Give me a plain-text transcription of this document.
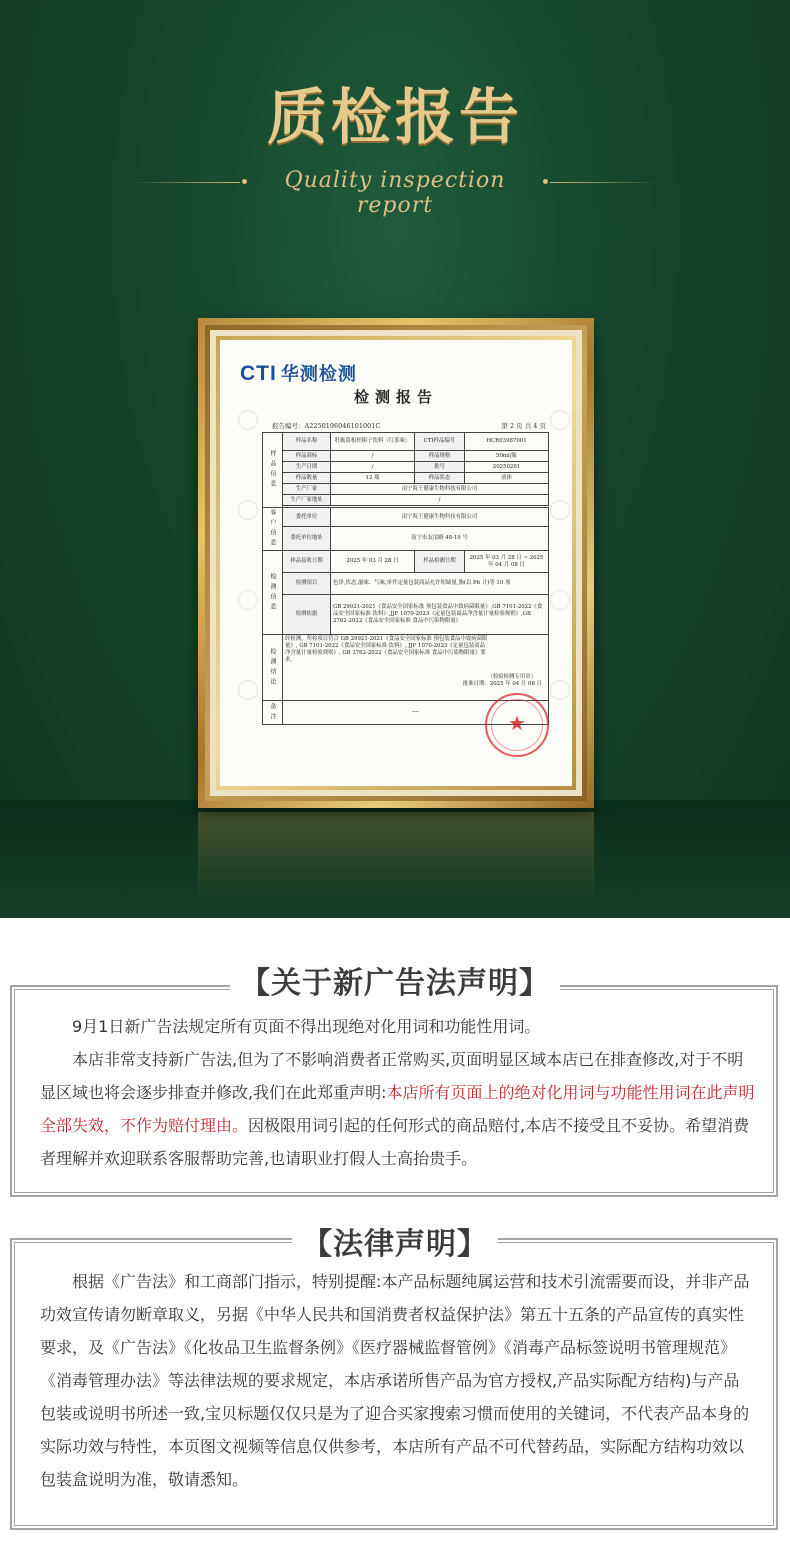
质检报告
Quality inspection report
CTI 华测检测
检测报告
报告编号：A2250196046101001C	第 2 页 共 4 页
样品信息	样品名称	牡蛎葛根枳椇子饮料（红茶味）	CTI样品编号	HCR03987001
	样品商标	/	样品规格	50ml/瓶
	生产日期	/	批号	20250201
	样品数量	12 瓶	样品状态	液体
	生产厂家	南宁海王健康生物科技有限公司		
	生产厂家地址	/		

客户信息	委托单位	南宁海王健康生物科技有限公司		
	委托单位地址	南宁市友谊路 48-19 号		
检测信息	样品接收日期	2025 年 03 月 28 日	样品检测日期	2025 年 03 月 28 日 ~ 2025 年 04 月 08 日
	检测项目	色泽,状态,滋味、气味,单件定量包装商品允许短缺量,脂(以 Pb 计)等 10 项		
	检测依据	GB 29921-2021《食品安全国家标准 预包装食品中致病菌限量》,GB 7101-2022《食品安全国家标准 饮料》,JJF 1070-2023《定量包装商品净含量计量检验规则》,GB 2762-2022《食品安全国家标准 食品中污染物限量》		
检测结论	经检测，所检项目符合 GB 29921-2021《食品安全国家标准 预包装食品中致病菌限量》, GB 7101-2022《食品安全国家标准 饮料》, JJF 1070-2023《定量包装商品净含量计量检验规则》, GB 2762-2022《食品安全国家标准 食品中污染物限量》要求。
（检验检测专用章）
批准日期：2025 年 04 月 08 日			

备注	----				★
【关于新广告法声明】

9月1日新广告法规定所有页面不得出现绝对化用词和功能性用词。

本店非常支持新广告法,但为了不影响消费者正常购买,页面明显区域本店已在排查修改,对于不明显区域也将会逐步排查并修改,我们在此郑重声明:本店所有页面上的绝对化用词与功能性用词在此声明全部失效，不作为赔付理由。因极限用词引起的任何形式的商品赔付,本店不接受且不妥协。希望消费者理解并欢迎联系客服帮助完善,也请职业打假人士高抬贵手。

【法律声明】

根据《广告法》和工商部门指示，特别提醒:本产品标题纯属运营和技术引流需要而设，并非产品功效宣传请勿断章取义，另据《中华人民共和国消费者权益保护法》第五十五条的产品宣传的真实性要求，及《广告法》《化妆品卫生监督条例》《医疗器械监督管例》《消毒产品标签说明书管理规范》《消毒管理办法》等法律法规的要求规定，本店承诺所售产品为官方授权,产品实际配方结构)与产品包装或说明书所述一致,宝贝标题仅仅只是为了迎合买家搜索习惯而使用的关键词，不代表产品本身的实际功效与特性，本页图文视频等信息仅供参考，本店所有产品不可代替药品，实际配方结构功效以包装盒说明为准，敬请悉知。
